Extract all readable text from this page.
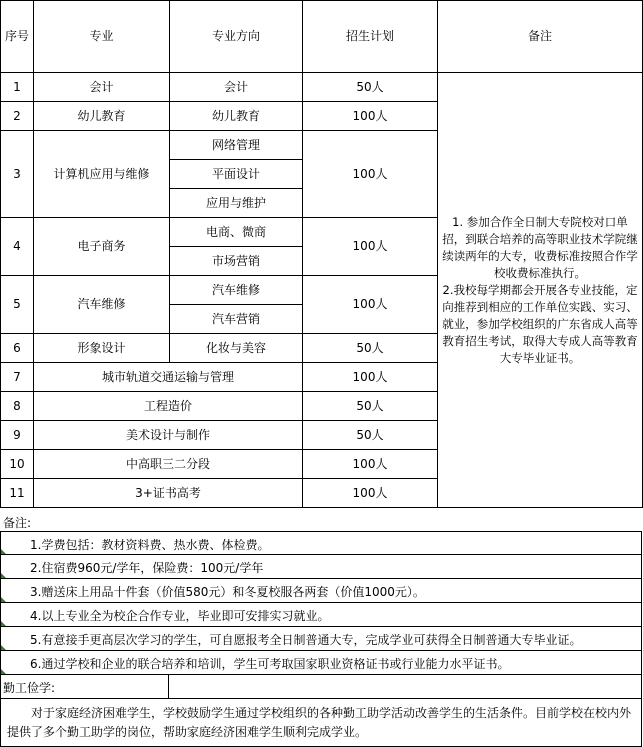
序号	专业	专业方向	招生计划	备注
1	会计	会计	50人	1. 参加合作全日制大专院校对口单招，到联合培养的高等职业技术学院继续读两年的大专，收费标准按照合作学校收费标准执行。
2.我校每学期都会开展各专业技能，定向推荐到相应的工作单位实践、实习、就业，参加学校组织的广东省成人高等教育招生考试，取得大专成人高等教育大专毕业证书。

2	幼儿教育	幼儿教育	100人	
3	计算机应用与维修	网络管理	100人	
		平面设计		
		应用与维护		
4	电子商务	电商、微商	100人	
		市场营销		
5	汽车维修	汽车维修	100人	
		汽车营销		
6	形象设计	化妆与美容	50人	
7	城市轨道交通运输与管理		100人	
8	工程造价		50人	
9	美术设计与制作		50人	
10	中高职三二分段		100人	
11	3+证书高考		100人	
备注:
1.学费包括：教材资料费、热水费、体检费。
2.住宿费960元/学年，保险费：100元/学年
3.赠送床上用品十件套（价值580元）和冬夏校服各两套（价值1000元）。
4.以上专业全为校企合作专业，毕业即可安排实习就业。
5.有意接手更高层次学习的学生，可自愿报考全日制普通大专，完成学业可获得全日制普通大专毕业证。
6.通过学校和企业的联合培养和培训，学生可考取国家职业资格证书或行业能力水平证书。
勤工俭学:
对于家庭经济困难学生，学校鼓励学生通过学校组织的各种勤工助学活动改善学生的生活条件。目前学校在校内外提供了多个勤工助学的岗位，帮助家庭经济困难学生顺利完成学业。
